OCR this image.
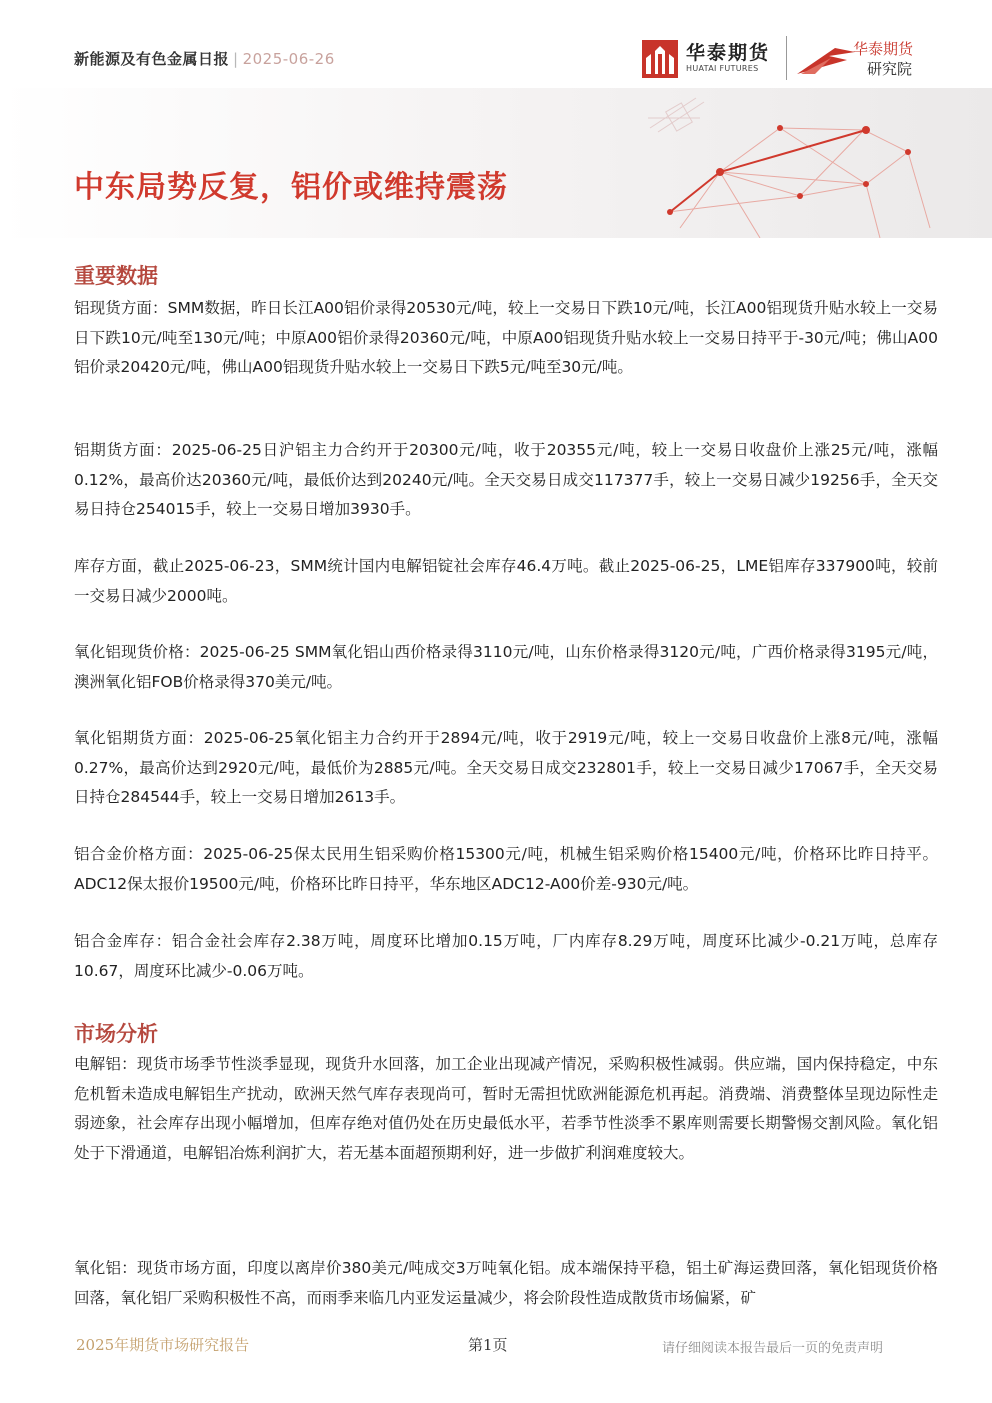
新能源及有色金属日报 | 2025-06-26	华泰期货
HUATAI FUTURES
华泰期货
研究院
中东局势反复，铝价或维持震荡
重要数据
铝现货方面：SMM数据，昨日长江A00铝价录得20530元/吨，较上一交易日下跌10元/吨，长江A00铝现货升贴水较上一交易日下跌10元/吨至130元/吨；中原A00铝价录得20360元/吨，中原A00铝现货升贴水较上一交易日持平于-30元/吨；佛山A00铝价录20420元/吨，佛山A00铝现货升贴水较上一交易日下跌5元/吨至30元/吨。
铝期货方面：2025-06-25日沪铝主力合约开于20300元/吨，收于20355元/吨，较上一交易日收盘价上涨25元/吨，涨幅0.12%，最高价达20360元/吨，最低价达到20240元/吨。全天交易日成交117377手，较上一交易日减少19256手，全天交易日持仓254015手，较上一交易日增加3930手。
库存方面，截止2025-06-23，SMM统计国内电解铝锭社会库存46.4万吨。截止2025-06-25，LME铝库存337900吨，较前一交易日减少2000吨。
氧化铝现货价格：2025-06-25 SMM氧化铝山西价格录得3110元/吨，山东价格录得3120元/吨，广西价格录得3195元/吨，澳洲氧化铝FOB价格录得370美元/吨。
氧化铝期货方面：2025-06-25氧化铝主力合约开于2894元/吨，收于2919元/吨，较上一交易日收盘价上涨8元/吨，涨幅0.27%，最高价达到2920元/吨，最低价为2885元/吨。全天交易日成交232801手，较上一交易日减少17067手，全天交易日持仓284544手，较上一交易日增加2613手。
铝合金价格方面：2025-06-25保太民用生铝采购价格15300元/吨，机械生铝采购价格15400元/吨，价格环比昨日持平。ADC12保太报价19500元/吨，价格环比昨日持平，华东地区ADC12-A00价差-930元/吨。
铝合金库存：铝合金社会库存2.38万吨，周度环比增加0.15万吨，厂内库存8.29万吨，周度环比减少-0.21万吨，总库存10.67，周度环比减少-0.06万吨。
市场分析
电解铝：现货市场季节性淡季显现，现货升水回落，加工企业出现减产情况，采购积极性减弱。供应端，国内保持稳定，中东危机暂未造成电解铝生产扰动，欧洲天然气库存表现尚可，暂时无需担忧欧洲能源危机再起。消费端、消费整体呈现边际性走弱迹象，社会库存出现小幅增加，但库存绝对值仍处在历史最低水平，若季节性淡季不累库则需要长期警惕交割风险。氧化铝处于下滑通道，电解铝冶炼利润扩大，若无基本面超预期利好，进一步做扩利润难度较大。
氧化铝：现货市场方面，印度以离岸价380美元/吨成交3万吨氧化铝。成本端保持平稳，铝土矿海运费回落，氧化铝现货价格回落，氧化铝厂采购积极性不高，而雨季来临几内亚发运量减少，将会阶段性造成散货市场偏紧，矿
2025年期货市场研究报告	第1页	请仔细阅读本报告最后一页的免责声明
